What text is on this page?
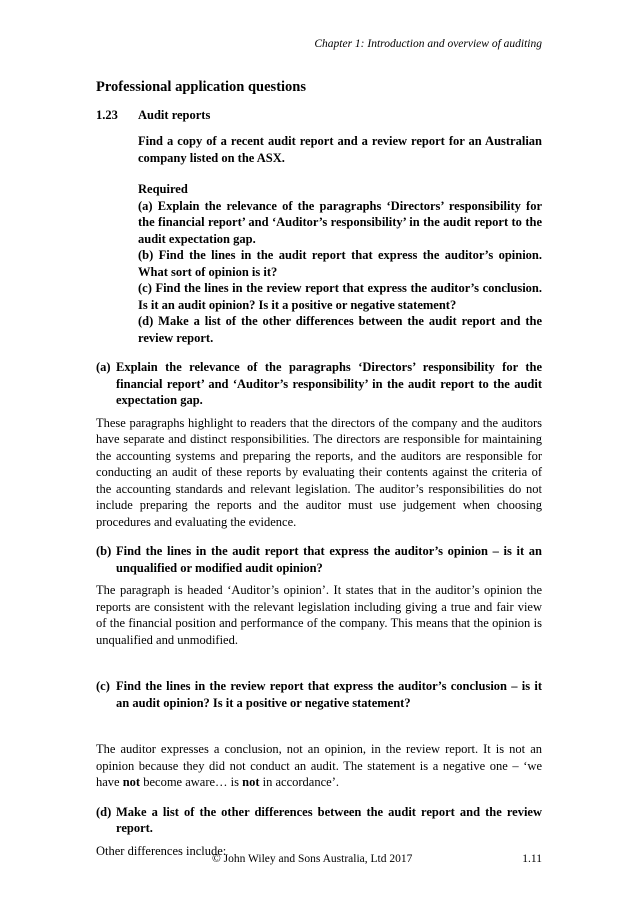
Chapter 1: Introduction and overview of auditing
Professional application questions
1.23	Audit reports

Find a copy of a recent audit report and a review report for an Australian company listed on the ASX.

Required

(a) Explain the relevance of the paragraphs ‘Directors’ responsibility for the financial report’ and ‘Auditor’s responsibility’ in the audit report to the audit expectation gap.

(b) Find the lines in the audit report that express the auditor’s opinion. What sort of opinion is it?

(c) Find the lines in the review report that express the auditor’s conclusion. Is it an audit opinion? Is it a positive or negative statement?

(d) Make a list of the other differences between the audit report and the review report.

(a) Explain the relevance of the paragraphs ‘Directors’ responsibility for the financial report’ and ‘Auditor’s responsibility’ in the audit report to the audit expectation gap.

These paragraphs highlight to readers that the directors of the company and the auditors have separate and distinct responsibilities. The directors are responsible for maintaining the accounting systems and preparing the reports, and the auditors are responsible for conducting an audit of these reports by evaluating their contents against the criteria of the accounting standards and relevant legislation. The auditor’s responsibilities do not include preparing the reports and the auditor must use judgement when choosing procedures and evaluating the evidence.

(b) Find the lines in the audit report that express the auditor’s opinion – is it an unqualified or modified audit opinion?

The paragraph is headed ‘Auditor’s opinion’. It states that in the auditor’s opinion the reports are consistent with the relevant legislation including giving a true and fair view of the financial position and performance of the company. This means that the opinion is unqualified and unmodified.

(c) Find the lines in the review report that express the auditor’s conclusion – is it an audit opinion? Is it a positive or negative statement?

The auditor expresses a conclusion, not an opinion, in the review report. It is not an opinion because they did not conduct an audit. The statement is a negative one – ‘we have not become aware… is not in accordance’.

(d) Make a list of the other differences between the audit report and the review report.

Other differences include:

© John Wiley and Sons Australia, Ltd 2017	1.11
